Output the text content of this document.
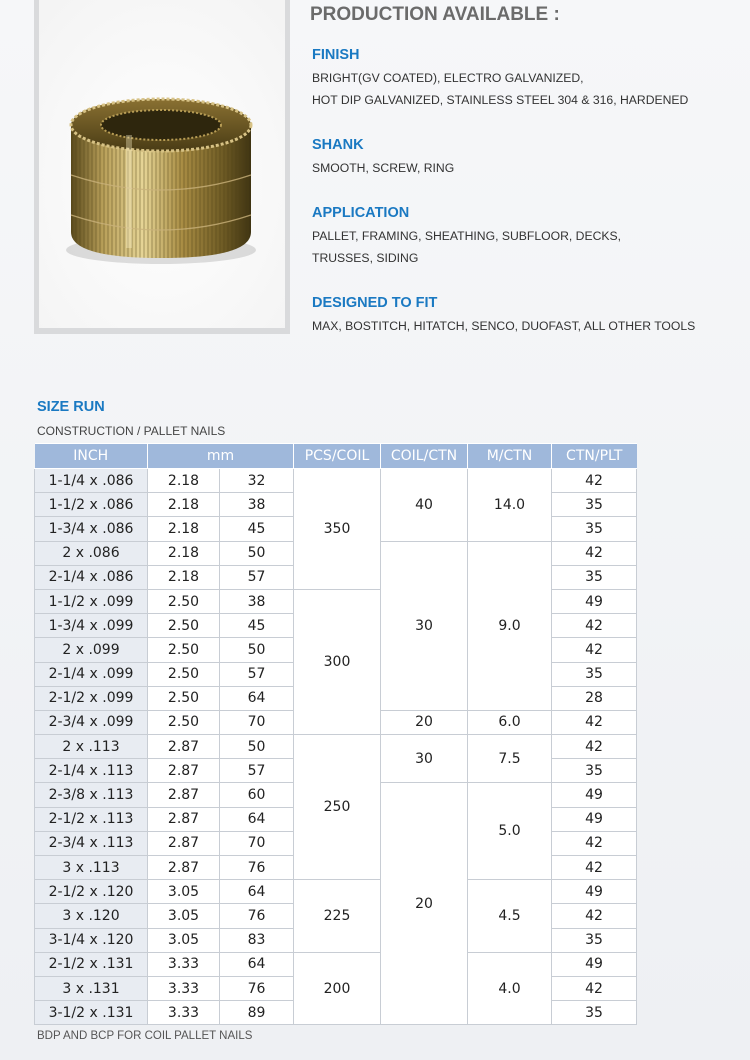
PRODUCTION AVAILABLE :
FINISH
BRIGHT(GV COATED), ELECTRO GALVANIZED,
HOT DIP GALVANIZED, STAINLESS STEEL 304 & 316, HARDENED
SHANK
SMOOTH, SCREW, RING
APPLICATION
PALLET, FRAMING, SHEATHING, SUBFLOOR, DECKS,
TRUSSES, SIDING
DESIGNED TO FIT
MAX, BOSTITCH, HITATCH, SENCO, DUOFAST, ALL OTHER TOOLS
SIZE RUN
CONSTRUCTION / PALLET NAILS
INCH	mm		PCS/COIL	COIL/CTN	M/CTN	CTN/PLT
1-1/4 x .086	2.18	32	350	40	14.0	42
1-1/2 x .086	2.18	38				35
1-3/4 x .086	2.18	45				35
2 x .086	2.18	50		30	9.0	42
2-1/4 x .086	2.18	57				35
1-1/2 x .099	2.50	38	300			49
1-3/4 x .099	2.50	45				42
2 x .099	2.50	50				42
2-1/4 x .099	2.50	57				35
2-1/2 x .099	2.50	64				28
2-3/4 x .099	2.50	70		20	6.0	42
2 x .113	2.87	50	250	30	7.5	42
2-1/4 x .113	2.87	57				35
2-3/8 x .113	2.87	60		20	5.0	49
2-1/2 x .113	2.87	64				49
2-3/4 x .113	2.87	70				42
3 x .113	2.87	76				42
2-1/2 x .120	3.05	64	225		4.5	49
3 x .120	3.05	76				42
3-1/4 x .120	3.05	83				35
2-1/2 x .131	3.33	64	200		4.0	49
3 x .131	3.33	76				42
3-1/2 x .131	3.33	89				35
BDP AND BCP FOR COIL PALLET NAILS
